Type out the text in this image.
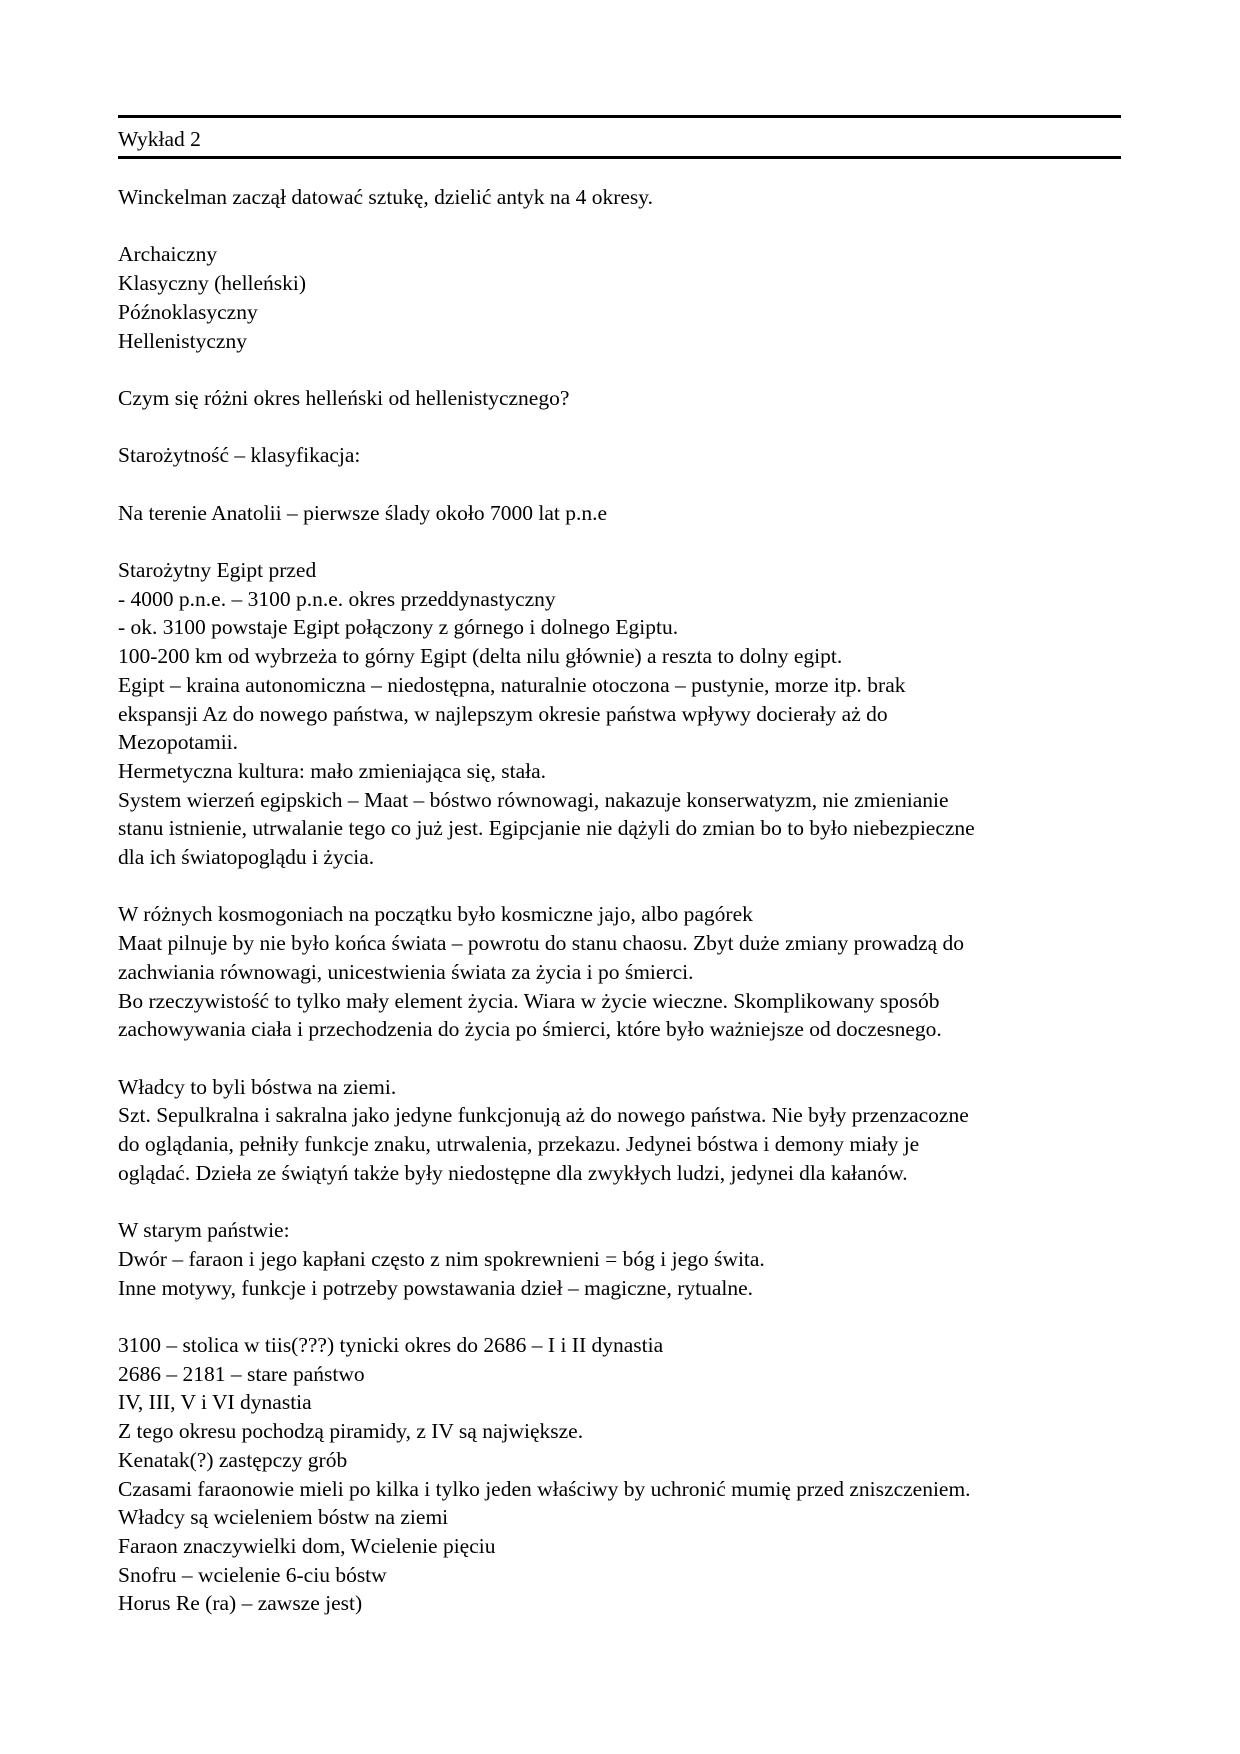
Wykład 2
Winckelman zaczął datować sztukę, dzielić antyk na 4 okresy.
Archaiczny
Klasyczny (helleński)
Późnoklasyczny
Hellenistyczny
Czym się różni okres helleński od hellenistycznego?
Starożytność – klasyfikacja:
Na terenie Anatolii – pierwsze ślady około 7000 lat p.n.e
Starożytny Egipt przed
- 4000 p.n.e. – 3100 p.n.e. okres przeddynastyczny
- ok. 3100 powstaje Egipt połączony z górnego i dolnego Egiptu.
100-200 km od wybrzeża to górny Egipt (delta nilu głównie) a reszta to dolny egipt.
Egipt – kraina autonomiczna – niedostępna, naturalnie otoczona – pustynie, morze itp. brak
ekspansji Az do nowego państwa, w najlepszym okresie państwa wpływy docierały aż do
Mezopotamii.
Hermetyczna kultura: mało zmieniająca się, stała.
System wierzeń egipskich – Maat – bóstwo równowagi, nakazuje konserwatyzm, nie zmienianie
stanu istnienie, utrwalanie tego co już jest. Egipcjanie nie dążyli do zmian bo to było niebezpieczne
dla ich światopoglądu i życia.
W różnych kosmogoniach na początku było kosmiczne jajo, albo pagórek
Maat pilnuje by nie było końca świata – powrotu do stanu chaosu. Zbyt duże zmiany prowadzą do
zachwiania równowagi, unicestwienia świata za życia i po śmierci.
Bo rzeczywistość to tylko mały element życia. Wiara w życie wieczne. Skomplikowany sposób
zachowywania ciała i przechodzenia do życia po śmierci, które było ważniejsze od doczesnego.
Władcy to byli bóstwa na ziemi.
Szt. Sepulkralna i sakralna jako jedyne funkcjonują aż do nowego państwa. Nie były przenzacozne
do oglądania, pełniły funkcje znaku, utrwalenia, przekazu. Jedynei bóstwa i demony miały je
oglądać. Dzieła ze świątyń także były niedostępne dla zwykłych ludzi, jedynei dla kałanów.
W starym państwie:
Dwór – faraon i jego kapłani często z nim spokrewnieni = bóg i jego świta.
Inne motywy, funkcje i potrzeby powstawania dzieł – magiczne, rytualne.
3100 – stolica w tiis(???) tynicki okres do 2686 – I i II dynastia
2686 – 2181 – stare państwo
IV, III, V i VI dynastia
Z tego okresu pochodzą piramidy, z IV są największe.
Kenatak(?) zastępczy grób
Czasami faraonowie mieli po kilka i tylko jeden właściwy by uchronić mumię przed zniszczeniem.
Władcy są wcieleniem bóstw na ziemi
Faraon znaczywielki dom, Wcielenie pięciu
Snofru – wcielenie 6-ciu bóstw
Horus Re (ra) – zawsze jest)
